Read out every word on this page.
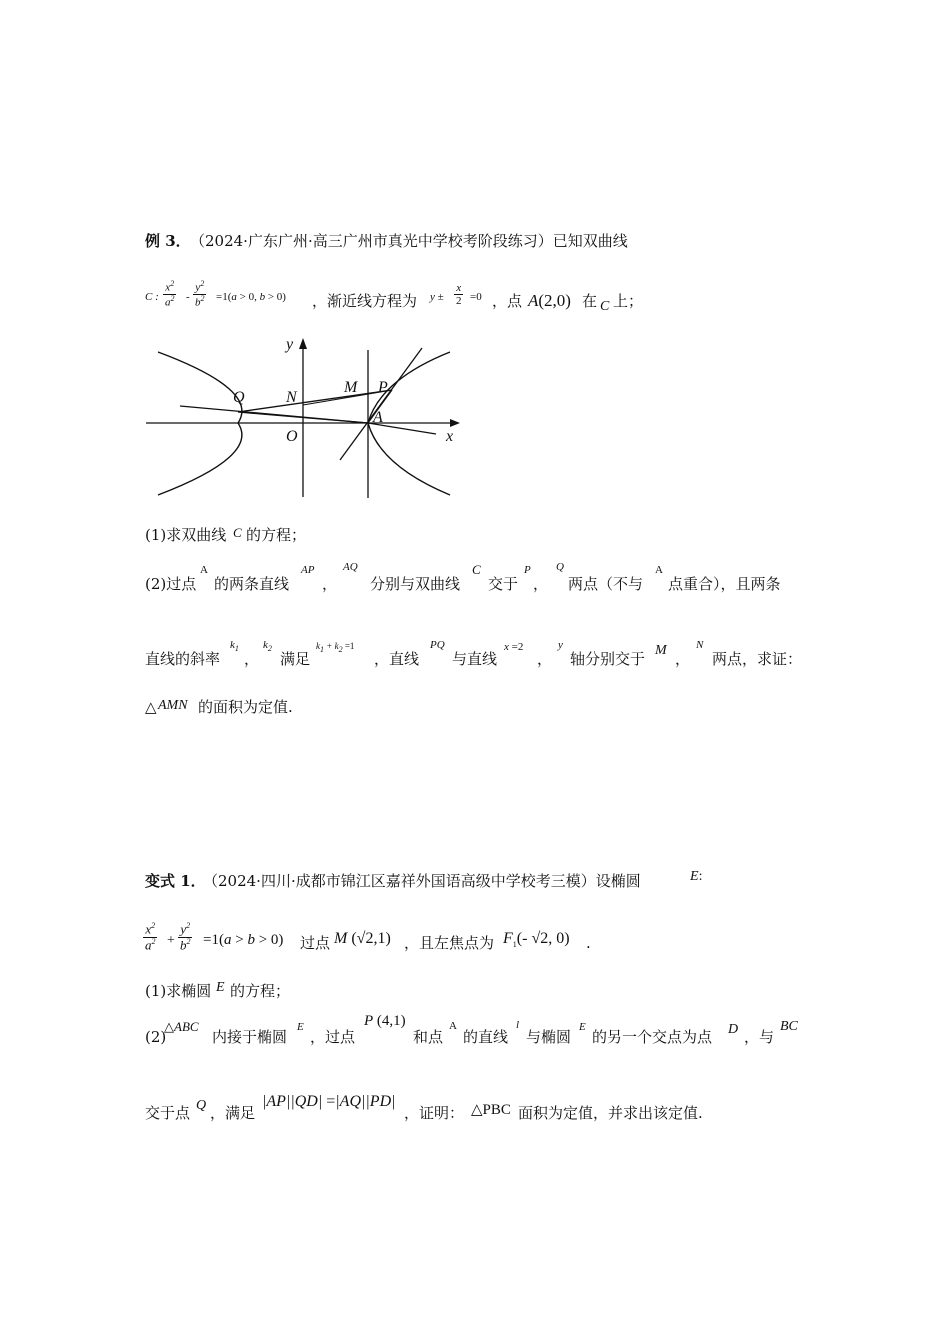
例 3． （2024·广东广州·高三广州市真光中学校考阶段练习）已知双曲线
C : $\frac{x^2}{a^2} - \frac{y^2}{b^2} =1(a > 0$, b > 0) ，渐近线方程为 $y \pm \frac{x}{2} =0$ ，点 A(2,0) 在 C 上；
y
x
Q	N
O
M P
A
(1)求双曲线 C 的方程；
(2)过点
A
的两条直线
AP
，
AQ
分别与双曲线
C
交于
P
，
Q
两点（不与
A
点重合），且两条
直线的斜率
$k_1$
，
$k_2$
满足
$k_1 + k_2 =1$
，直线
PQ
与直线
x =2
，
y
轴分别交于 M ，
N
两点，求证：
△ AMN 的面积为定值.
变式 1．
（2024·四川·成都市锦江区嘉祥外国语高级中学校考三模）设椭圆	E:
$\frac{x^2}{a^2} + \frac{y^2}{b^2} =1(a > b > 0)$ 过点 M (√2,1) ，且左焦点为 $F_1(-$ √2, 0) .
(1)求椭圆 E 的方程；
(2)
△ABC
内接于椭圆
E
，过点
P (4,1)
和点
A
的直线
l
与椭圆
E
的另一个交点为点 D ，与
BC
交于点 Q ，满足
|AP||QD| =|AQ||PD|
，证明： △PBC 面积为定值，并求出该定值.
